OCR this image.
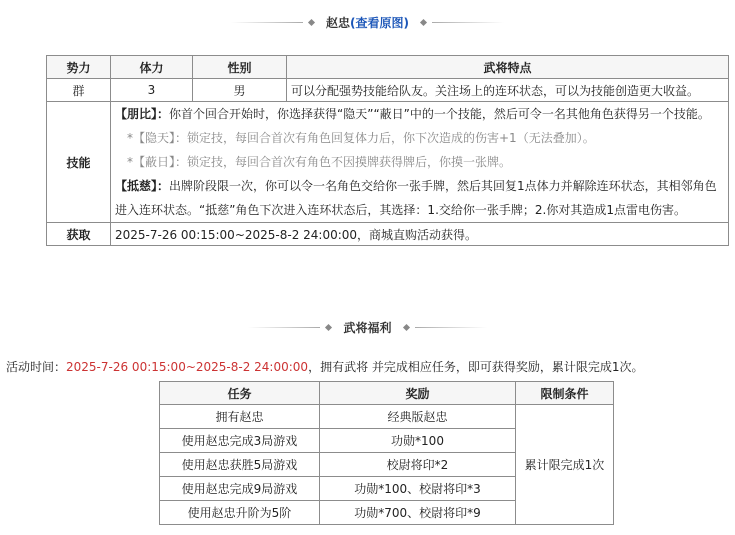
赵忠(查看原图)
势力	体力	性别	武将特点
群	3	男	可以分配强势技能给队友。关注场上的连环状态，可以为技能创造更大收益。
技能	【朋比】：你首个回合开始时，你选择获得“隐天”“蔽日”中的一个技能，然后可令一名其他角色获得另一个技能。
*【隐天】：锁定技，每回合首次有角色回复体力后，你下次造成的伤害+1（无法叠加）。
*【蔽日】：锁定技，每回合首次有角色不因摸牌获得牌后，你摸一张牌。
【抵慈】：出牌阶段限一次，你可以令一名角色交给你一张手牌，然后其回复1点体力并解除连环状态，其相邻角色进入连环状态。“抵慈”角色下次进入连环状态后，其选择：1.交给你一张手牌；2.你对其造成1点雷电伤害。		

获取	2025-7-26 00:15:00~2025-8-2 24:00:00，商城直购活动获得。		
武将福利
活动时间：2025-7-26 00:15:00~2025-8-2 24:00:00，拥有武将 并完成相应任务，即可获得奖励，累计限完成1次。
任务	奖励	限制条件
拥有赵忠	经典版赵忠	累计限完成1次
使用赵忠完成3局游戏	功勋*100	
使用赵忠获胜5局游戏	校尉将印*2	
使用赵忠完成9局游戏	功勋*100、校尉将印*3	
使用赵忠升阶为5阶	功勋*700、校尉将印*9	
